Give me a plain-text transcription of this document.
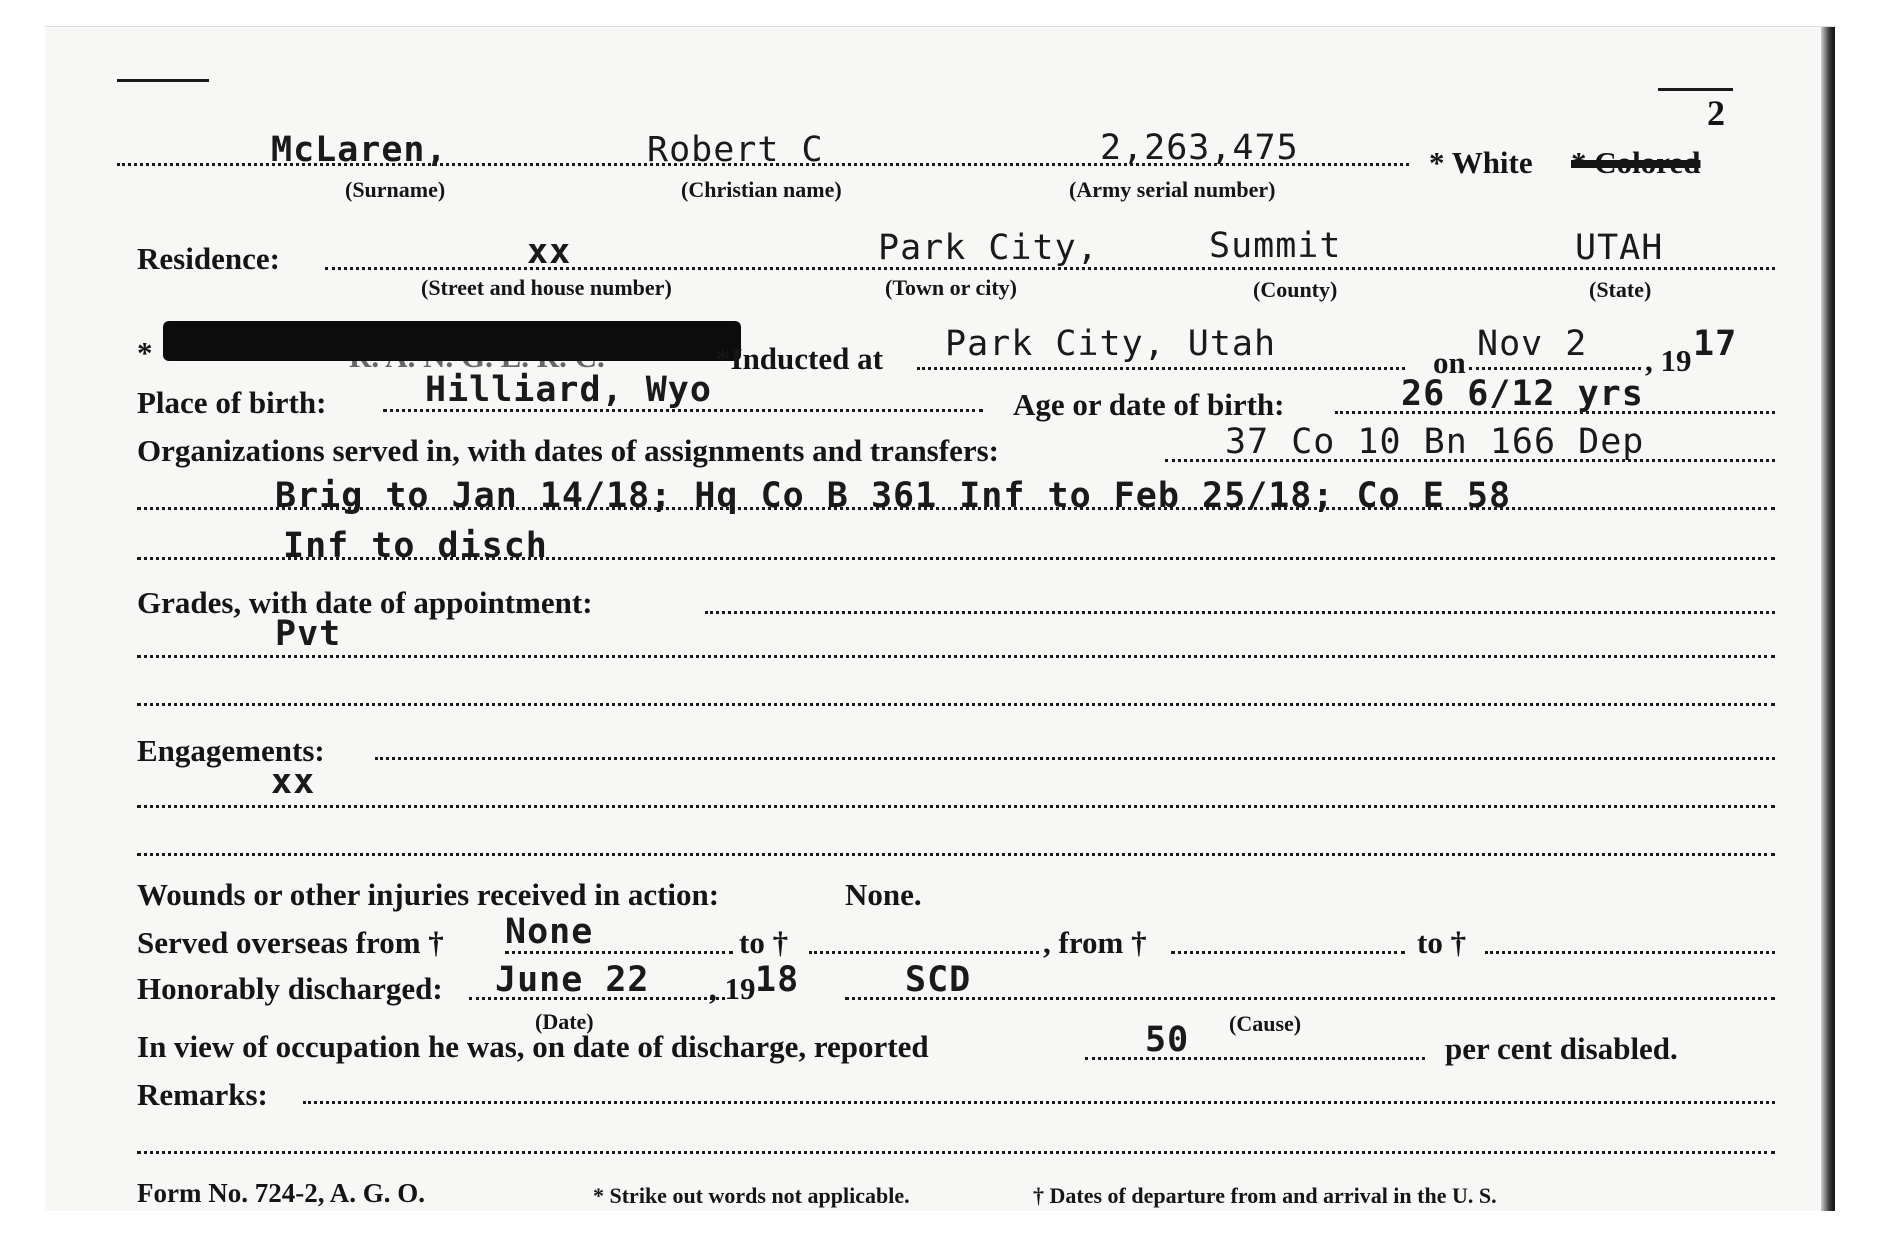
2
McLaren,	Robert C	2,263,475	* White * Colored
(Surname)	(Christian name)	(Army serial number)
Residence:	xx	Park City,	Summit	UTAH
(Street and house number)	(Town or city)	(County)	(State)
*	*Inducted at Park City, Utah	on Nov 2 , 19 17
Place of birth:	Hilliard, Wyo	Age or date of birth:	26 6/12 yrs
Organizations served in, with dates of assignments and transfers:	37 Co 10 Bn 166 Dep
Brig to Jan 14/18; Hq Co B 361 Inf to Feb 25/18; Co E 58
Inf to disch
Grades, with date of appointment:
Pvt
Engagements:
xx
Wounds or other injuries received in action:	None.
Served overseas from † None	to †	, from †	to †
Honorably discharged: June 22 , 19 18	SCD
(Date)	(Cause)
In view of occupation he was, on date of discharge, reported	50	per cent disabled.
Remarks:
Form No. 724-2, A. G. O.	* Strike out words not applicable.	† Dates of departure from and arrival in the U. S.
